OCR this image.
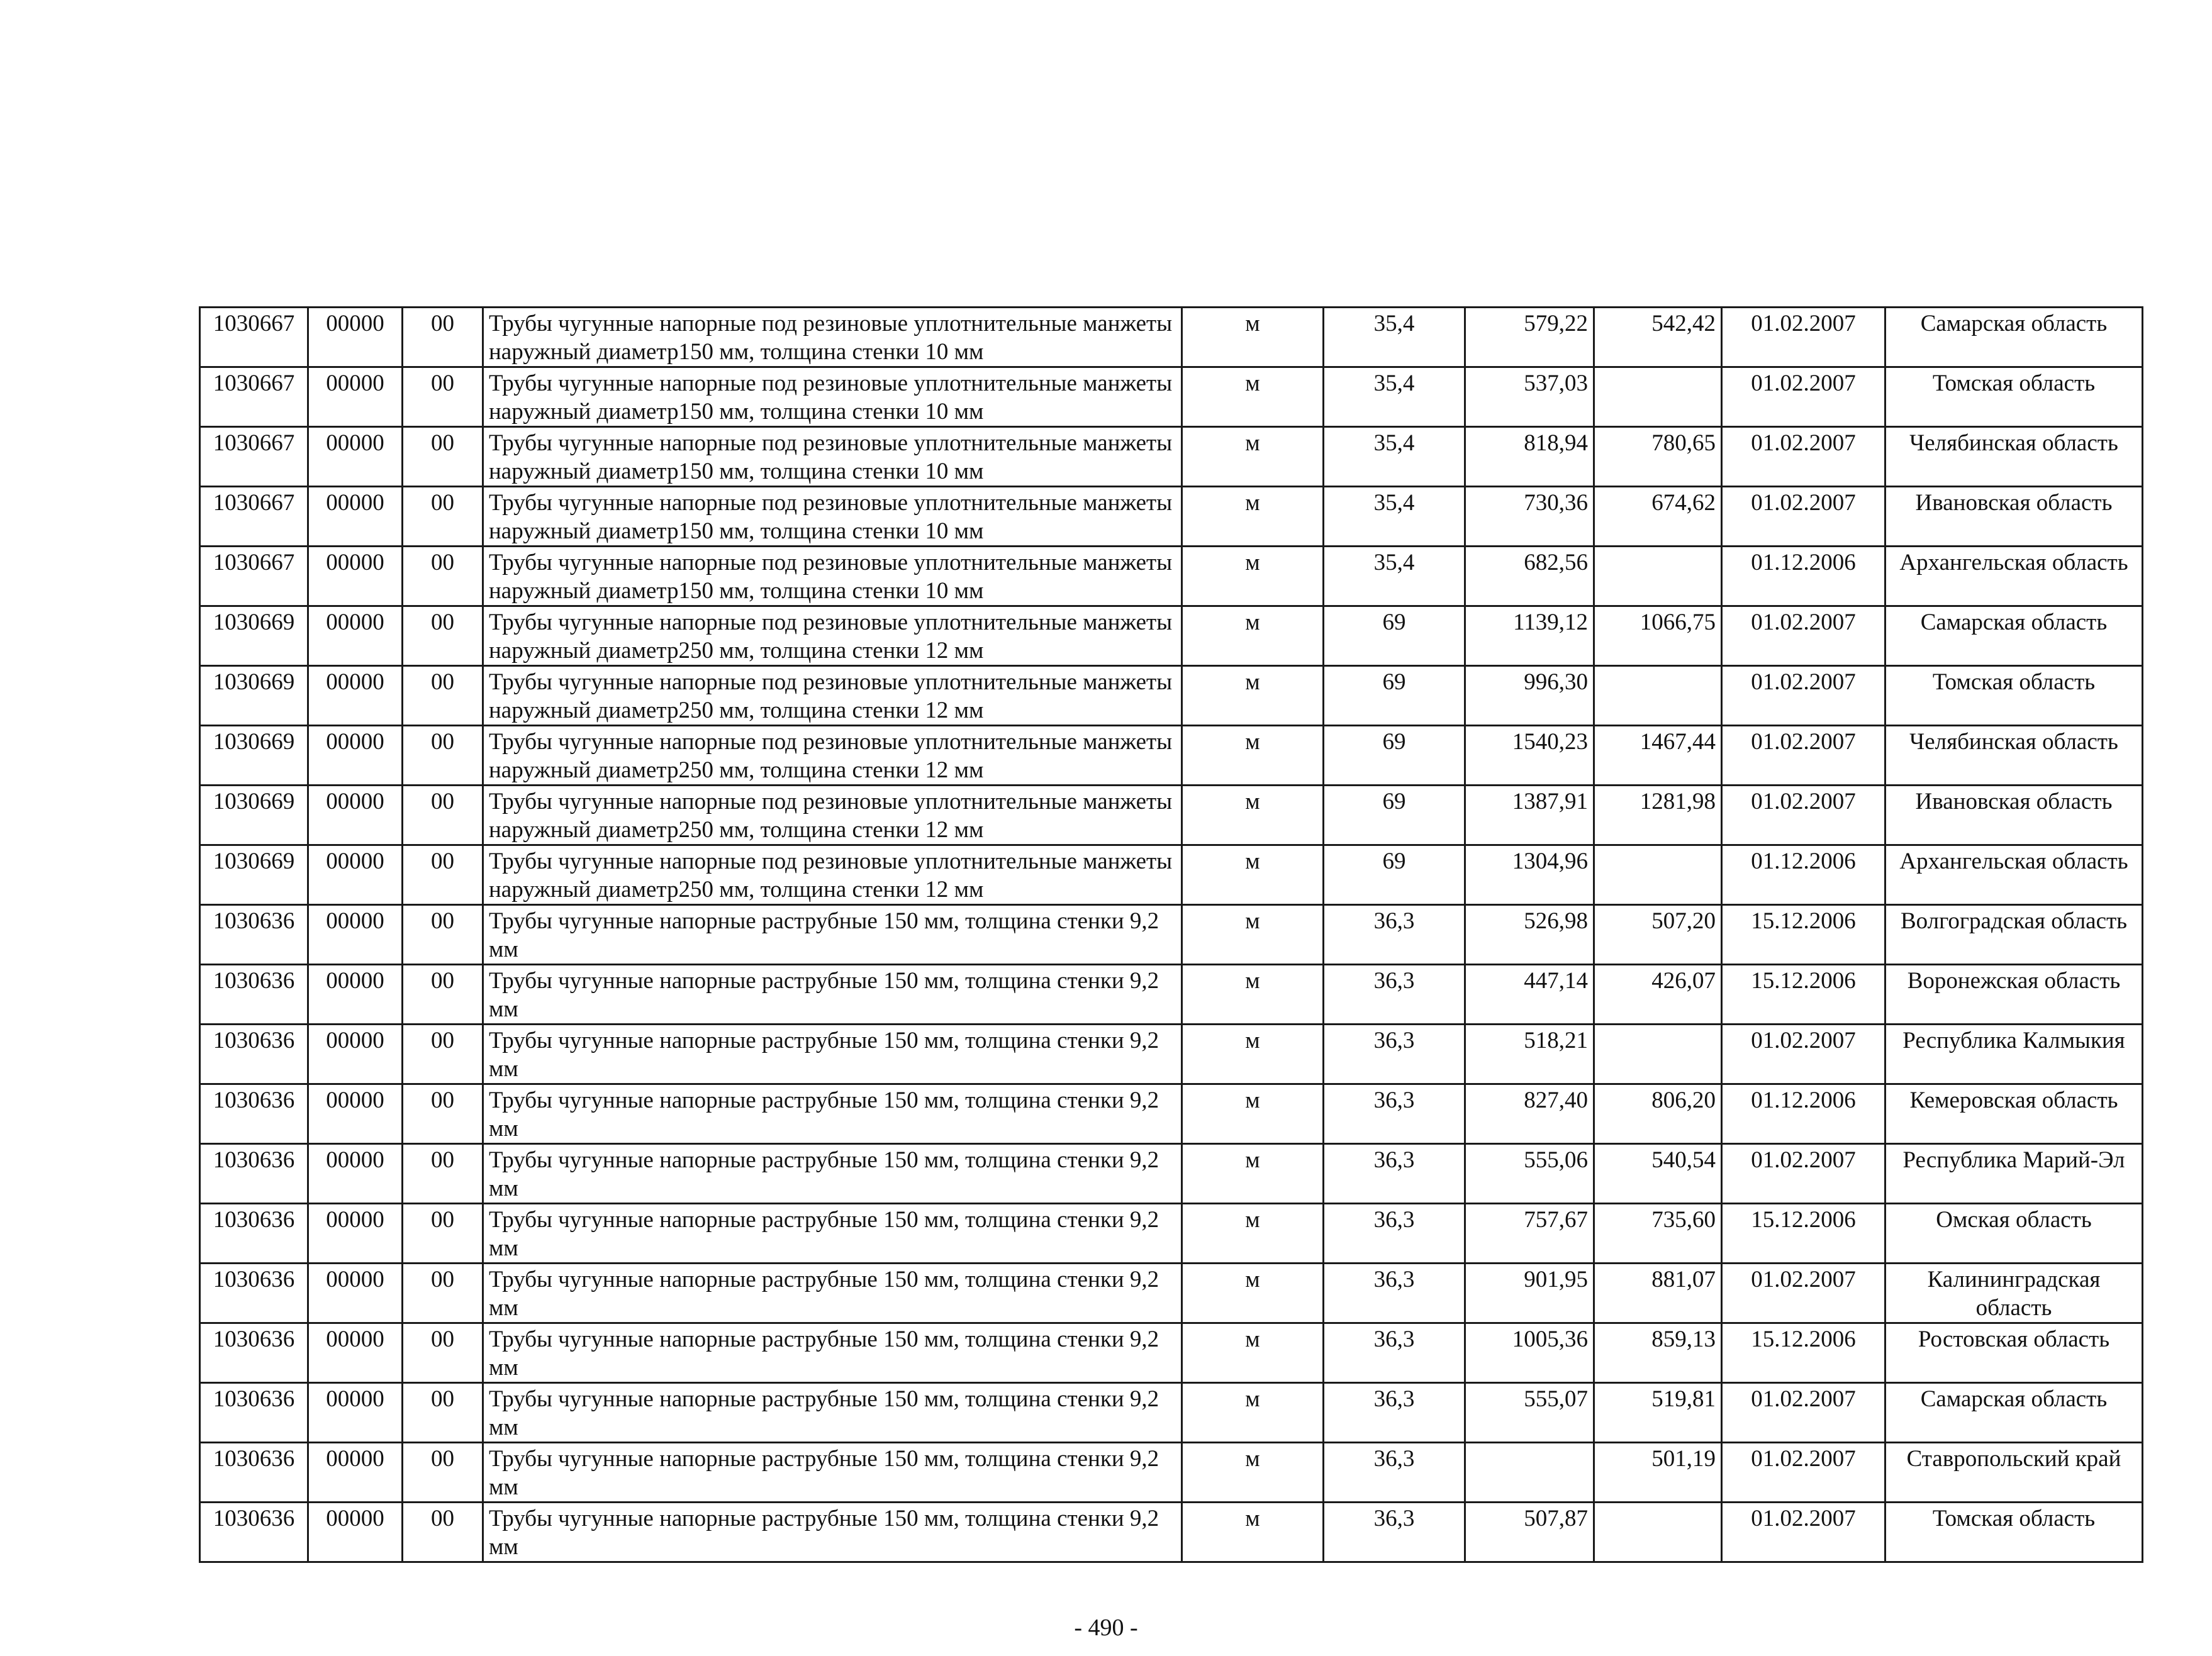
1030667	00000	00	Трубы чугунные напорные под резиновые уплотнительные манжеты наружный диаметр150 мм, толщина стенки 10 мм	м	35,4	579,22	542,42	01.02.2007	Самарская область
1030667	00000	00	Трубы чугунные напорные под резиновые уплотнительные манжеты наружный диаметр150 мм, толщина стенки 10 мм	м	35,4	537,03		01.02.2007	Томская область
1030667	00000	00	Трубы чугунные напорные под резиновые уплотнительные манжеты наружный диаметр150 мм, толщина стенки 10 мм	м	35,4	818,94	780,65	01.02.2007	Челябинская область
1030667	00000	00	Трубы чугунные напорные под резиновые уплотнительные манжеты наружный диаметр150 мм, толщина стенки 10 мм	м	35,4	730,36	674,62	01.02.2007	Ивановская область
1030667	00000	00	Трубы чугунные напорные под резиновые уплотнительные манжеты наружный диаметр150 мм, толщина стенки 10 мм	м	35,4	682,56		01.12.2006	Архангельская область
1030669	00000	00	Трубы чугунные напорные под резиновые уплотнительные манжеты наружный диаметр250 мм, толщина стенки 12 мм	м	69	1139,12	1066,75	01.02.2007	Самарская область
1030669	00000	00	Трубы чугунные напорные под резиновые уплотнительные манжеты наружный диаметр250 мм, толщина стенки 12 мм	м	69	996,30		01.02.2007	Томская область
1030669	00000	00	Трубы чугунные напорные под резиновые уплотнительные манжеты наружный диаметр250 мм, толщина стенки 12 мм	м	69	1540,23	1467,44	01.02.2007	Челябинская область
1030669	00000	00	Трубы чугунные напорные под резиновые уплотнительные манжеты наружный диаметр250 мм, толщина стенки 12 мм	м	69	1387,91	1281,98	01.02.2007	Ивановская область
1030669	00000	00	Трубы чугунные напорные под резиновые уплотнительные манжеты наружный диаметр250 мм, толщина стенки 12 мм	м	69	1304,96		01.12.2006	Архангельская область
1030636	00000	00	Трубы чугунные напорные раструбные 150 мм, толщина стенки 9,2 мм	м	36,3	526,98	507,20	15.12.2006	Волгоградская область
1030636	00000	00	Трубы чугунные напорные раструбные 150 мм, толщина стенки 9,2 мм	м	36,3	447,14	426,07	15.12.2006	Воронежская область
1030636	00000	00	Трубы чугунные напорные раструбные 150 мм, толщина стенки 9,2 мм	м	36,3	518,21		01.02.2007	Республика Калмыкия
1030636	00000	00	Трубы чугунные напорные раструбные 150 мм, толщина стенки 9,2 мм	м	36,3	827,40	806,20	01.12.2006	Кемеровская область
1030636	00000	00	Трубы чугунные напорные раструбные 150 мм, толщина стенки 9,2 мм	м	36,3	555,06	540,54	01.02.2007	Республика Марий-Эл
1030636	00000	00	Трубы чугунные напорные раструбные 150 мм, толщина стенки 9,2 мм	м	36,3	757,67	735,60	15.12.2006	Омская область
1030636	00000	00	Трубы чугунные напорные раструбные 150 мм, толщина стенки 9,2 мм	м	36,3	901,95	881,07	01.02.2007	Калининградская область
1030636	00000	00	Трубы чугунные напорные раструбные 150 мм, толщина стенки 9,2 мм	м	36,3	1005,36	859,13	15.12.2006	Ростовская область
1030636	00000	00	Трубы чугунные напорные раструбные 150 мм, толщина стенки 9,2 мм	м	36,3	555,07	519,81	01.02.2007	Самарская область
1030636	00000	00	Трубы чугунные напорные раструбные 150 мм, толщина стенки 9,2 мм	м	36,3		501,19	01.02.2007	Ставропольский край
1030636	00000	00	Трубы чугунные напорные раструбные 150 мм, толщина стенки 9,2 мм	м	36,3	507,87		01.02.2007	Томская область
- 490 -
